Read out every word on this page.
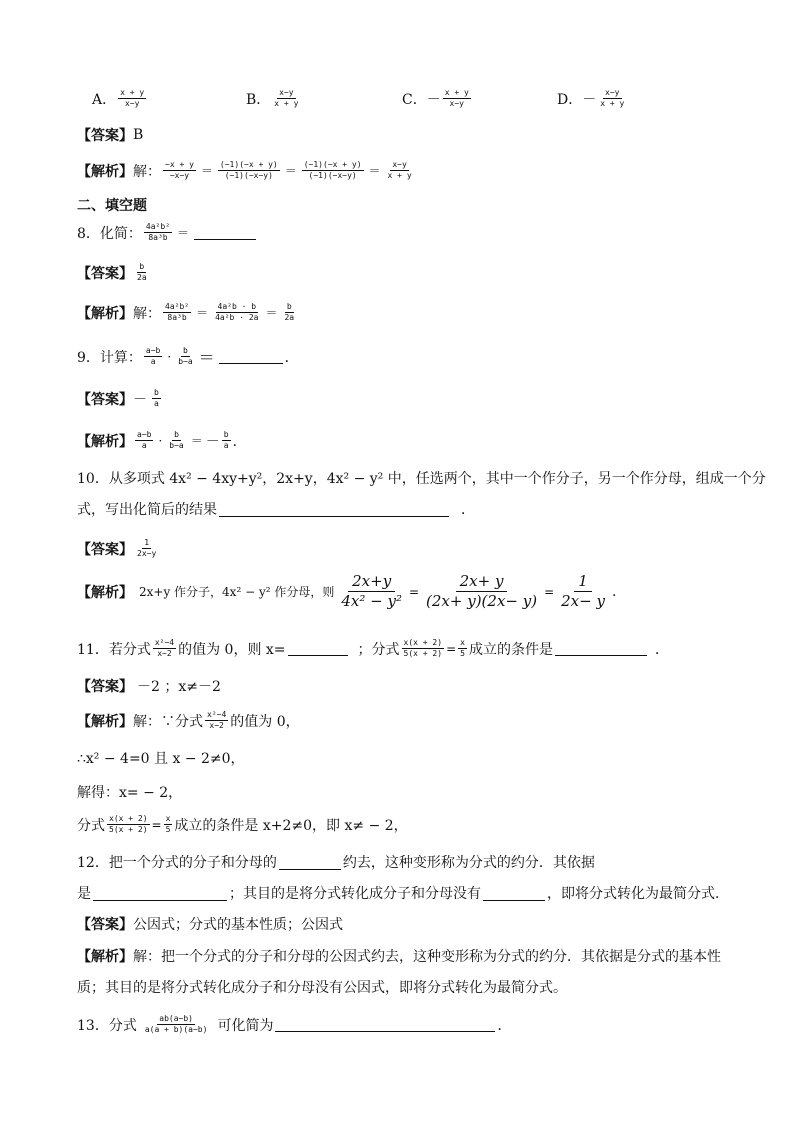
A． $\frac{x + y}{x-y}$	B． $\frac{x-y}{x + y}$	C．－ $\frac{x + y}{x-y}$	D．－ $\frac{x-y}{x + y}$
【答案】 B
【解析】 解： $\frac{-x + y}{-x-y} = \frac{(-1)(-x + y)}{(-1)(-x-y)} = \frac{(-1)(-x + y)}{(-1)(-x-y)} = \frac{x-y}{x + y}$
二、填空题
8．化简： $\frac{\text{4a²b²}}{\text{8a³b}}$ ＝
【答案】 $\frac{b}{2a}$
【解析】 解： $\frac{\text{4a²b²}}{\text{8a³b}} = \frac{\text{4a²b · b}}{\text{4a²b · 2a}} = \frac{b}{2a}$
9．计算： $\frac{a-b}{a} \cdot \frac{b}{b-a}$ ＝	．
【答案】 － $\frac{b}{a}$
【解析】 $\frac{a-b}{a} \cdot \frac{b}{b-a}$ ＝ － $\frac{b}{a}$ ．
10．从多项式 4x² − 4xy+y²，2x+y，4x² − y² 中，任选两个，其中一个作分子，另一个作分母，组成一个分
式，写出化简后的结果	．
【答案】 $\frac{1}{2x-y}$
【解析】 2x+y 作分子，4x² − y² 作分母，则 $\frac{2x+y}{\text{4x² − y²}} = \frac{2x+ y}{(2x+ y)(2x- y)} = \frac{1}{2x- y}$ .
11．若分式 $\frac{\text{x²−4}}{x-2}$ 的值为 0，则 x=	；分式 $\frac{x(x + 2)}{5(x + 2)} = \frac{x}{5}$ 成立的条件是	．
【答案】 －2 ；x≠－2
【解析】 解：∵分式 $\frac{\text{x²−4}}{x-2}$ 的值为 0，
∴x² − 4=0 且 x − 2≠0，
解得：x= − 2，
分式 $\frac{x(x + 2)}{5(x + 2)} = \frac{x}{5}$ 成立的条件是 x+2≠0，即 x≠ − 2，
12．把一个分式的分子和分母的	约去，这种变形称为分式的约分．其依据
是	；其目的是将分式转化成分子和分母没有	，即将分式转化为最简分式．
【答案】 公因式；分式的基本性质；公因式
【解析】 解：把一个分式的分子和分母的公因式约去，这种变形称为分式的约分．其依据是分式的基本性
质；其目的是将分式转化成分子和分母没有公因式，即将分式转化为最简分式。
13．分式 $\frac{ab(a-b)}{a(a + b)(a-b)}$ 可化简为	．
